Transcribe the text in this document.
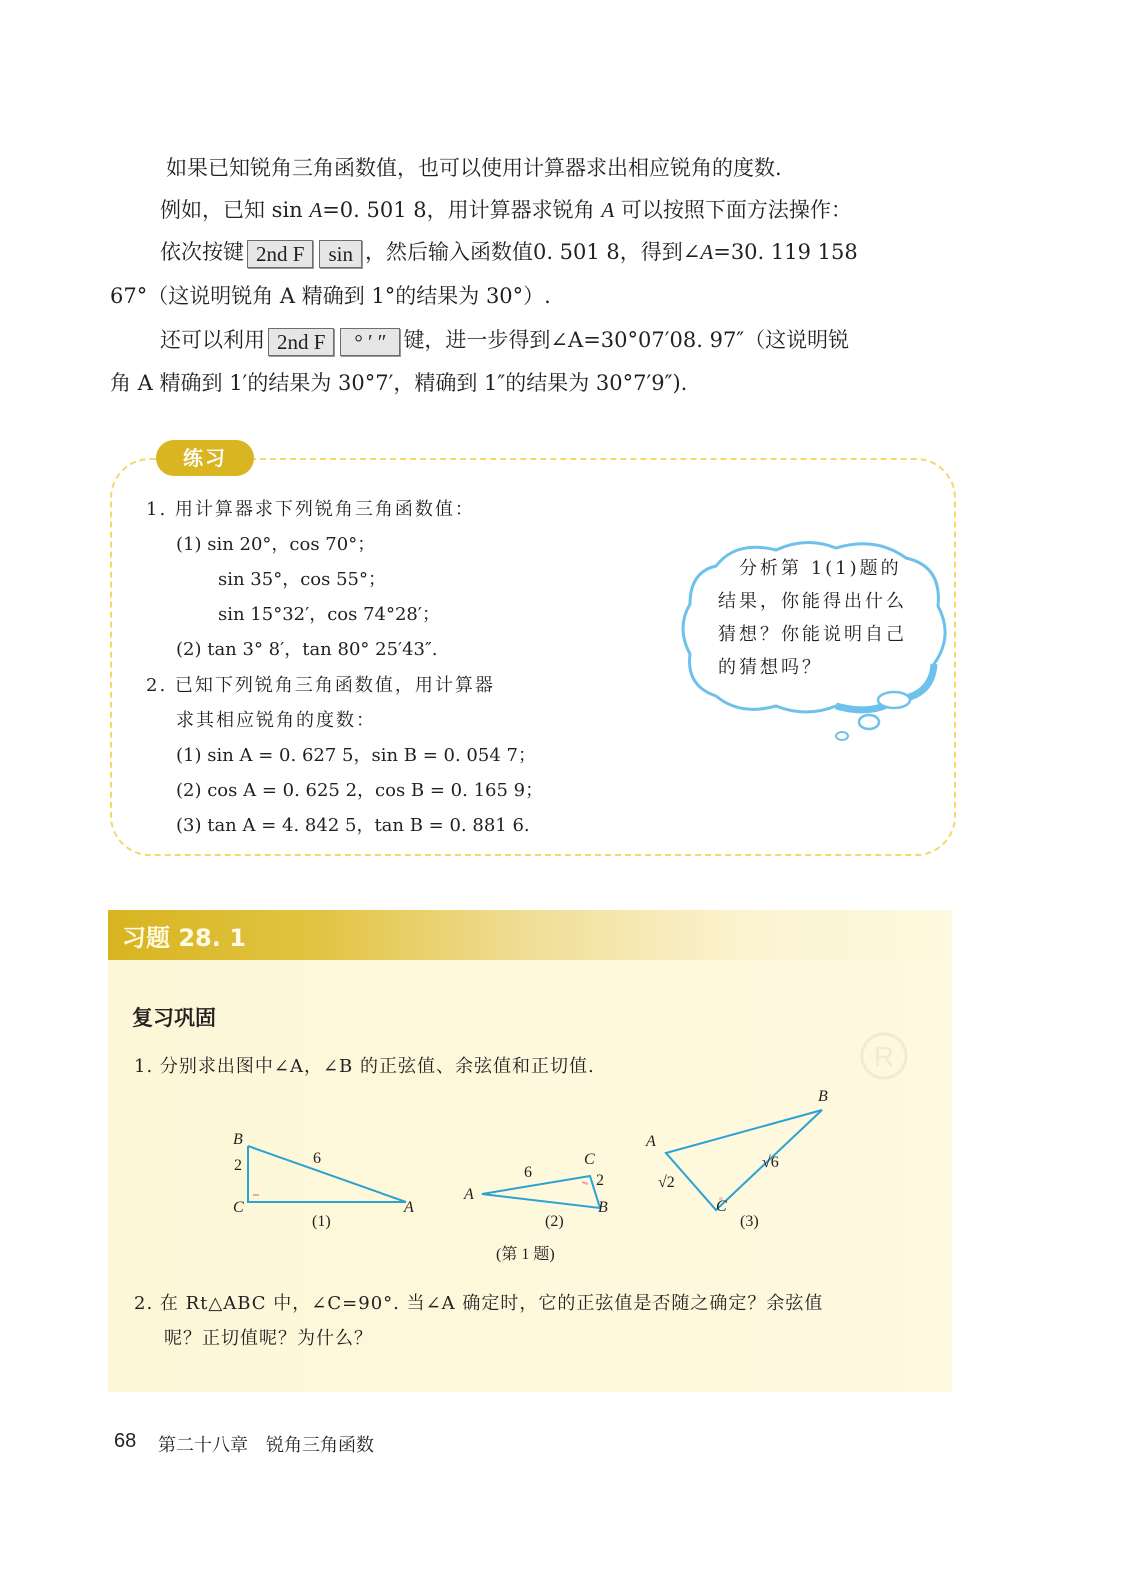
如果已知锐角三角函数值，也可以使用计算器求出相应锐角的度数.
例如，已知 sin A=0. 501 8，用计算器求锐角 A 可以按照下面方法操作：
依次按键 2nd F sin ，然后输入函数值0. 501 8，得到∠A=30. 119 158
67°（这说明锐角 A 精确到 1°的结果为 30°）.
还可以利用 2nd F ° ′ ″ 键，进一步得到∠A=30°07′08. 97″（这说明锐
角 A 精确到 1′的结果为 30°7′，精确到 1″的结果为 30°7′9″).
练习
1. 用计算器求下列锐角三角函数值：
(1) sin 20°，cos 70°；
sin 35°，cos 55°；
sin 15°32′，cos 74°28′；
(2) tan 3° 8′，tan 80° 25′43″.
2. 已知下列锐角三角函数值，用计算器
求其相应锐角的度数：
(1) sin A = 0. 627 5，sin B = 0. 054 7；
(2) cos A = 0. 625 2，cos B = 0. 165 9；
(3) tan A = 4. 842 5，tan B = 0. 881 6.
　分析第 1(1)题的结果，你能得出什么猜想？你能说明自己的猜想吗？
习题 28. 1
R
复习巩固
1. 分别求出图中∠A，∠B 的正弦值、余弦值和正切值.
B
2	6
C	A
(1)
A
6
C
2
B
(2)
A
B
√2
√6
C
(3)
(第 1 题)
2. 在 Rt△ABC 中，∠C=90°. 当∠A 确定时，它的正弦值是否随之确定？余弦值
呢？正切值呢？为什么？
68 第二十八章　锐角三角函数
